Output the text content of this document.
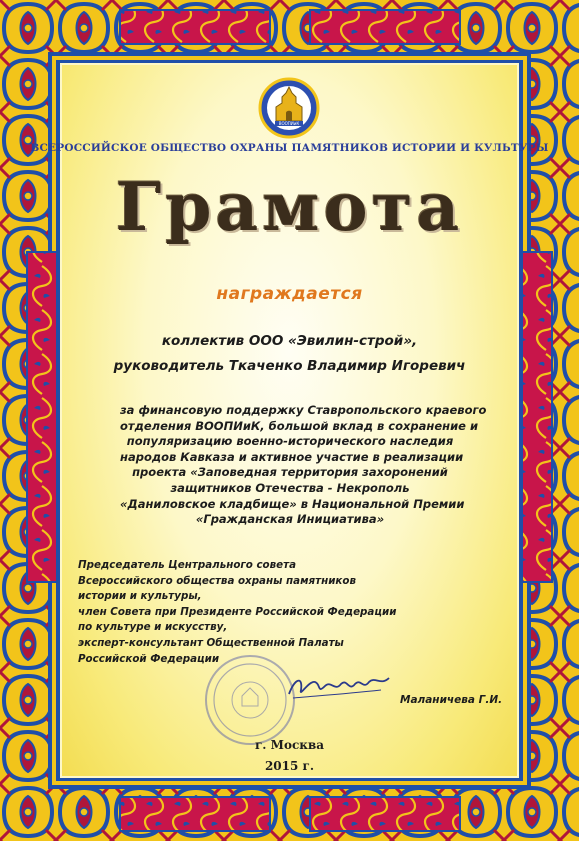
ВООПИиК
ВСЕРОССИЙСКОЕ ОБЩЕСТВО ОХРАНЫ ПАМЯТНИКОВ ИСТОРИИ И КУЛЬТУРЫ
Грамота
награждается
коллектив ООО «Эвилин-строй»,
руководитель Ткаченко Владимир Игоревич
за финансовую поддержку Ставропольского краевого
отделения ВООПИиК, большой вклад в сохранение и
популяризацию военно-исторического наследия
народов Кавказа и активное участие в реализации
проекта «Заповедная территория захоронений
защитников Отечества - Некрополь
«Даниловское кладбище» в Национальной Премии
«Гражданская Инициатива»
Председатель Центрального совета
Всероссийского общества охраны памятников
истории и культуры,
член Совета при Президенте Российской Федерации
по культуре и искусству,
эксперт-консультант Общественной Палаты
Российской Федерации
Маланичева Г.И.
г. Москва
2015 г.
